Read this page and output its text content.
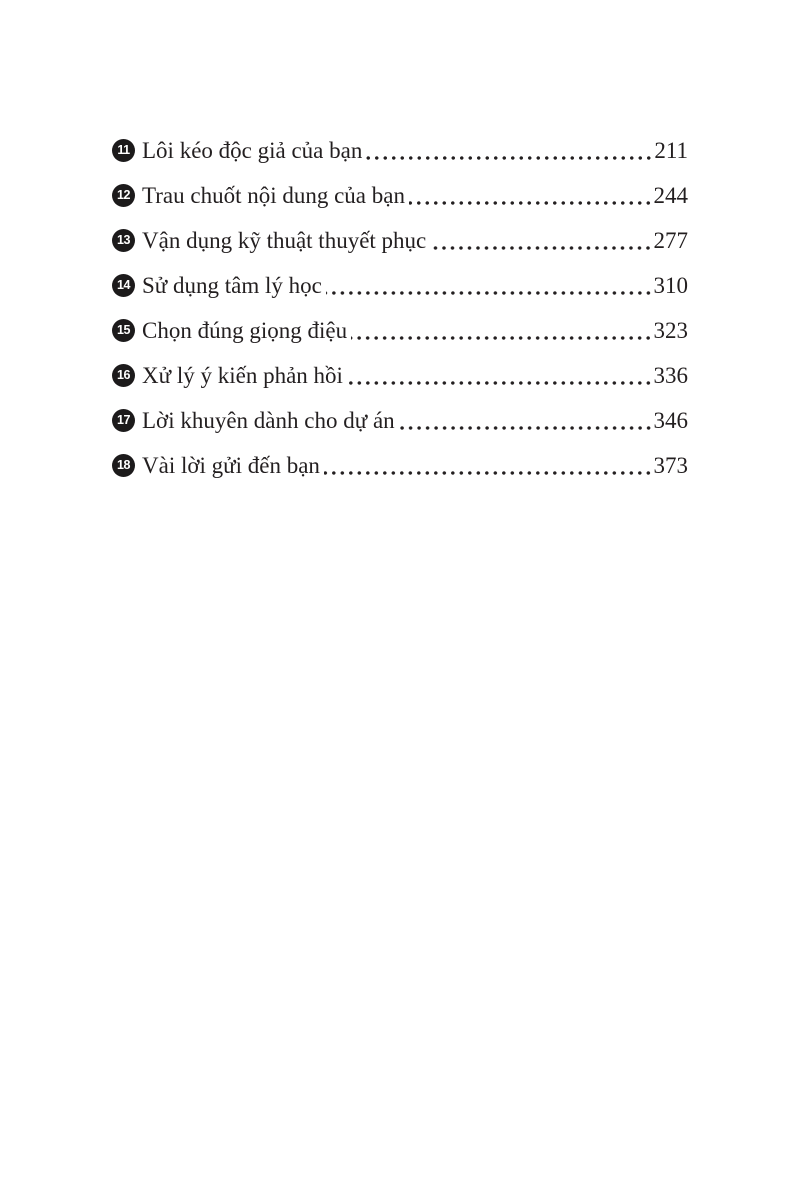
11 Lôi kéo độc giả của bạn	211
12 Trau chuốt nội dung của bạn	244
13 Vận dụng kỹ thuật thuyết phục	277
14 Sử dụng tâm lý học	310
15 Chọn đúng giọng điệu	323
16 Xử lý ý kiến phản hồi	336
17 Lời khuyên dành cho dự án	346
18 Vài lời gửi đến bạn	373
